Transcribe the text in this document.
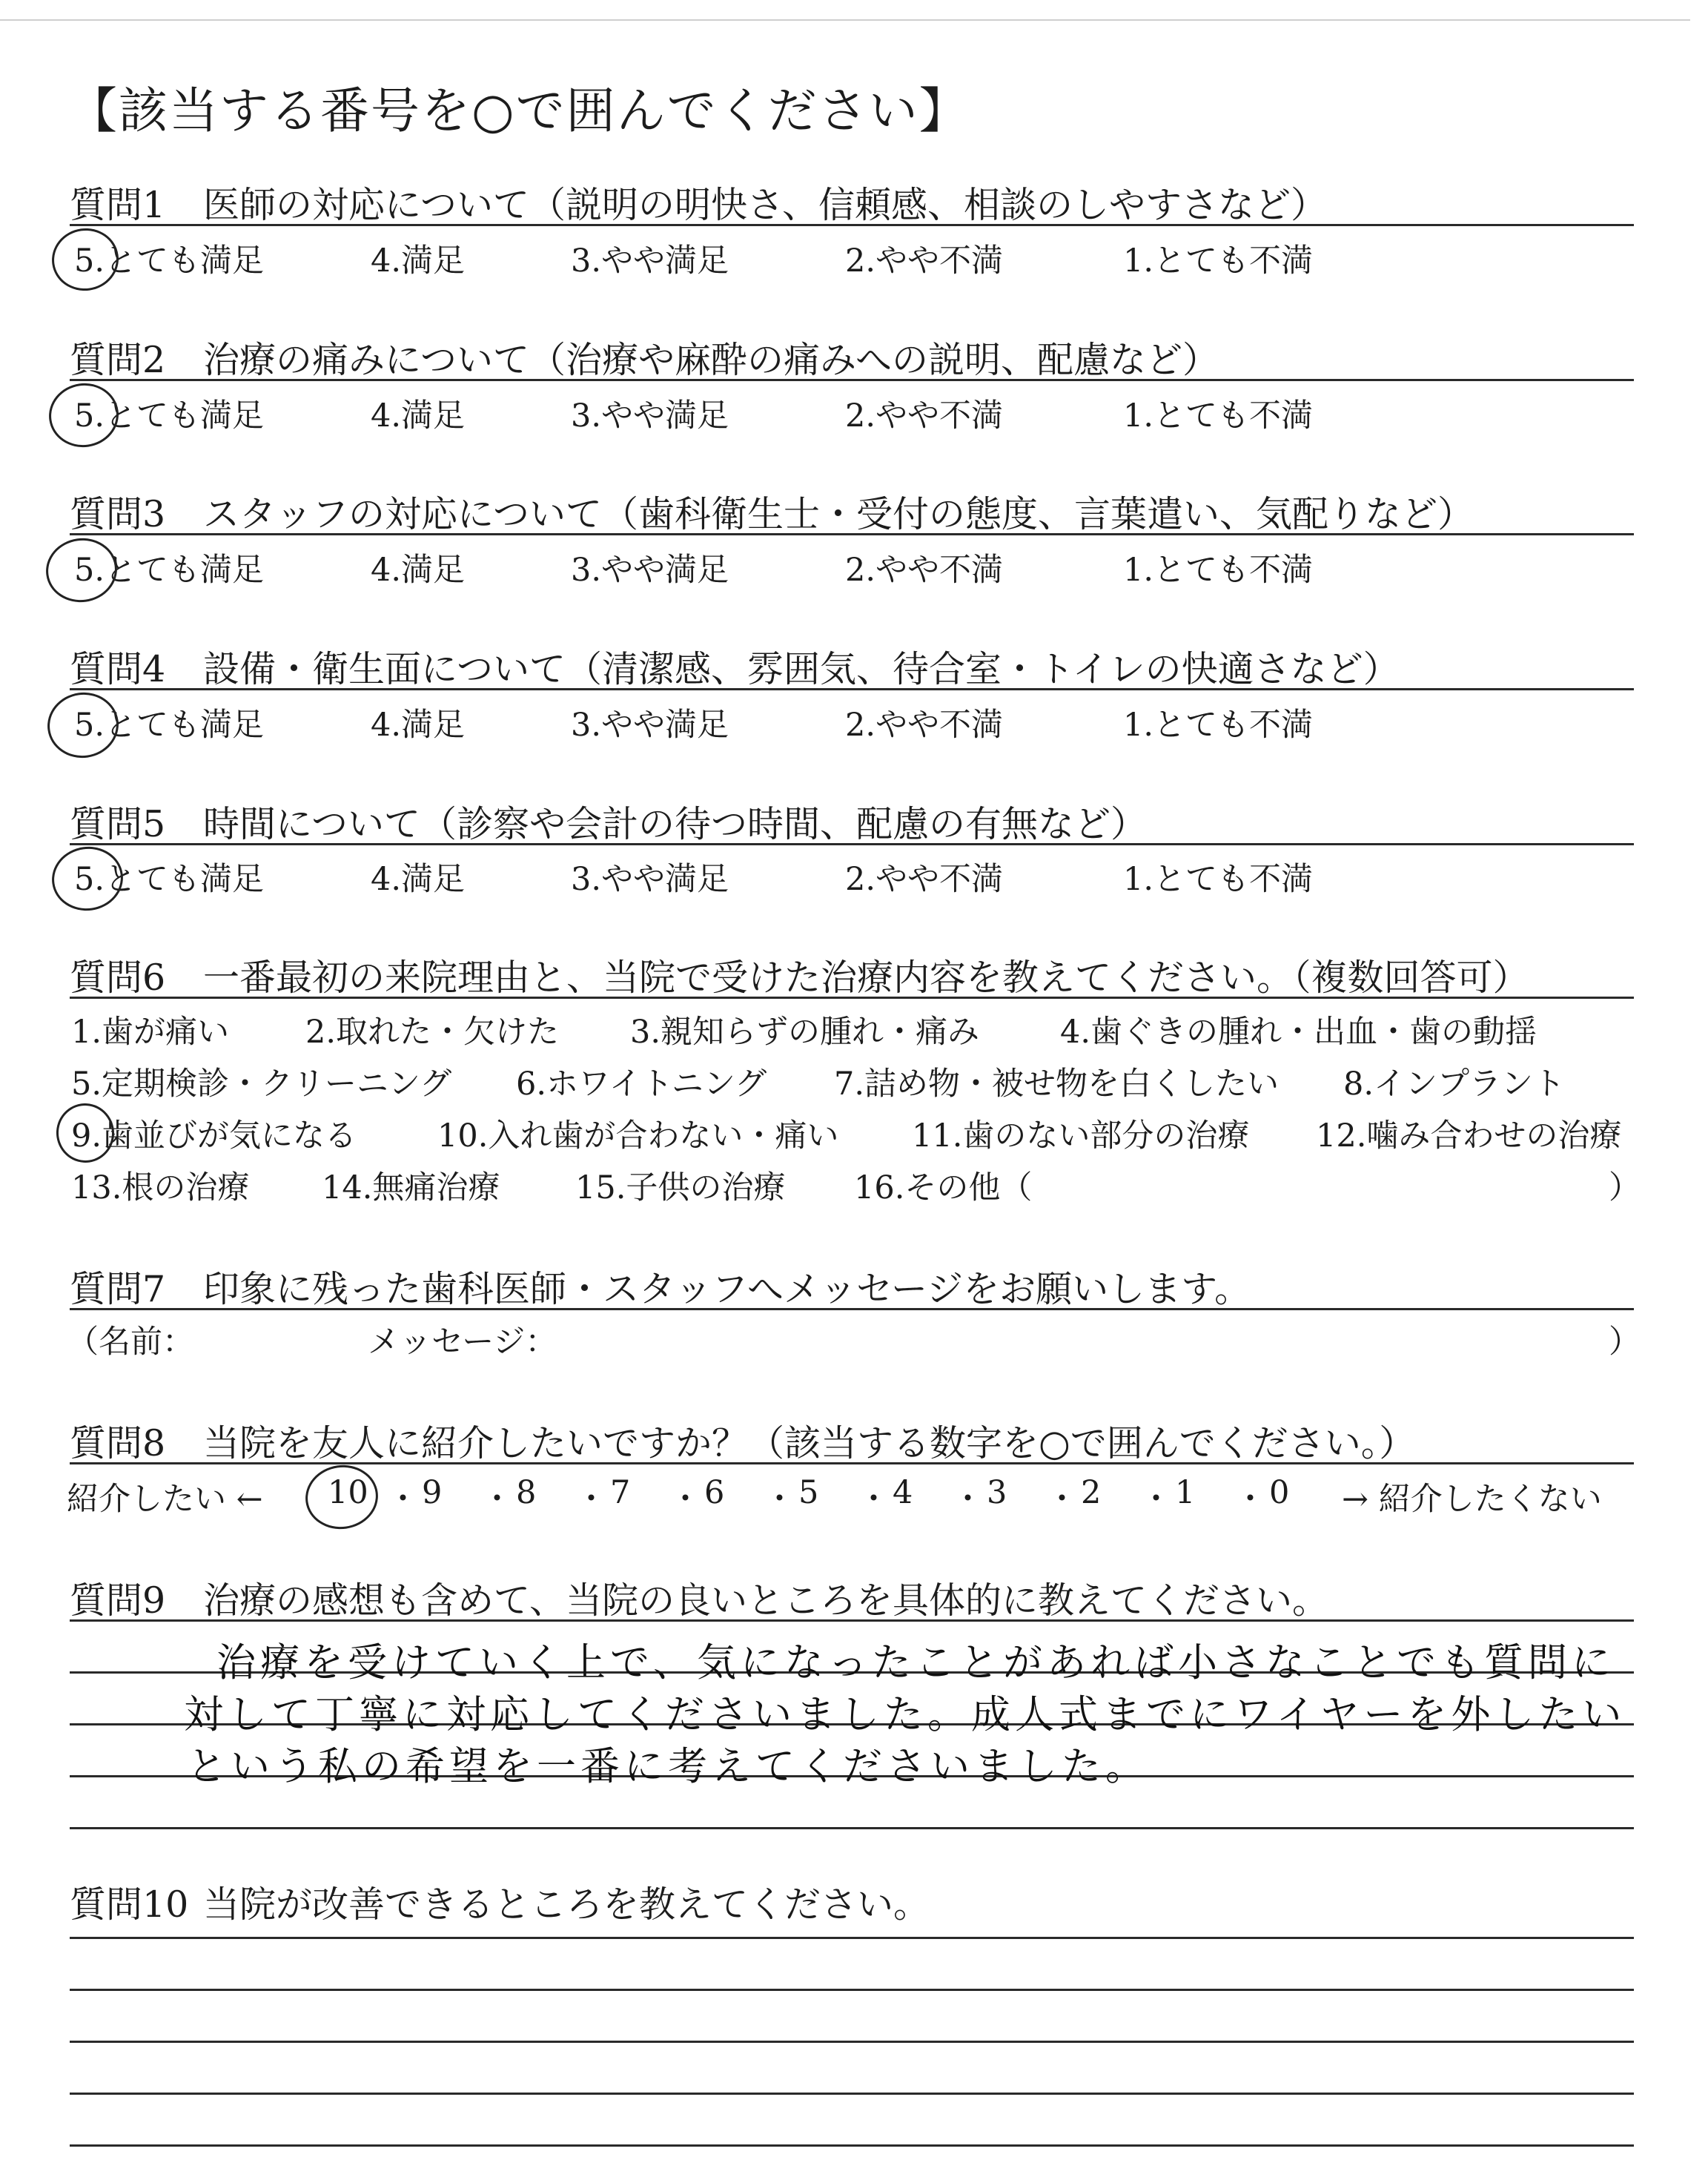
【該当する番号を○で囲んでください】
質問1 医師の対応について（説明の明快さ、信頼感、相談のしやすさなど）
5.とても満足	4.満足	3.やや満足	2.やや不満	1.とても不満
質問2 治療の痛みについて（治療や麻酔の痛みへの説明、配慮など）
5.とても満足	4.満足	3.やや満足	2.やや不満	1.とても不満
質問3 スタッフの対応について（歯科衛生士・受付の態度、言葉遣い、気配りなど）
5.とても満足	4.満足	3.やや満足	2.やや不満	1.とても不満
質問4 設備・衛生面について（清潔感、雰囲気、待合室・トイレの快適さなど）
5.とても満足	4.満足	3.やや満足	2.やや不満	1.とても不満
質問5 時間について（診察や会計の待つ時間、配慮の有無など）
5.とても満足	4.満足	3.やや満足	2.やや不満	1.とても不満
質問6 一番最初の来院理由と、当院で受けた治療内容を教えてください。（複数回答可）
1.歯が痛い 2.取れた・欠けた 3.親知らずの腫れ・痛み	4.歯ぐきの腫れ・出血・歯の動揺
5.定期検診・クリーニング 6.ホワイトニング 7.詰め物・被せ物を白くしたい 8.インプラント
9.歯並びが気になる	10.入れ歯が合わない・痛い 11.歯のない部分の治療 12.噛み合わせの治療
13.根の治療 14.無痛治療 15.子供の治療 16.その他（	）
質問7 印象に残った歯科医師・スタッフへメッセージをお願いします。
（名前：	メッセージ：	）
質問8 当院を友人に紹介したいですか？（該当する数字を○で囲んでください。）
紹介したい ← 10 ・ 9 ・ 8 ・ 7 ・ 6 ・ 5 ・ 4 ・ 3 ・ 2 ・ 1 ・ 0 → 紹介したくない
質問9 治療の感想も含めて、当院の良いところを具体的に教えてください。
治療を受けていく上で、気になったことがあれば小さなことでも質問に
対して丁寧に対応してくださいました。成人式までにワイヤーを外したい
という私の希望を一番に考えてくださいました。
質問10 当院が改善できるところを教えてください。
